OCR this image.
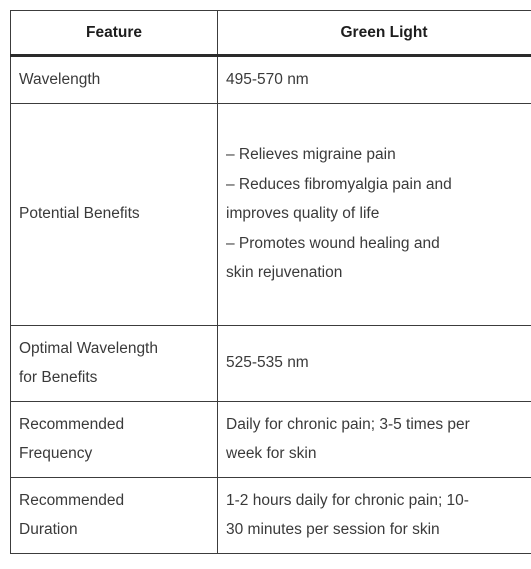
Feature	Green Light
Wavelength	495-570 nm

Potential Benefits	– Relieves migraine pain
– Reduces fibromyalgia pain and
improves quality of life
– Promotes wound healing and
skin rejuvenation

Optimal Wavelength
for Benefits	525-535 nm

Recommended
Frequency	Daily for chronic pain; 3-5 times per
week for skin

Recommended
Duration	1-2 hours daily for chronic pain; 10-
30 minutes per session for skin
